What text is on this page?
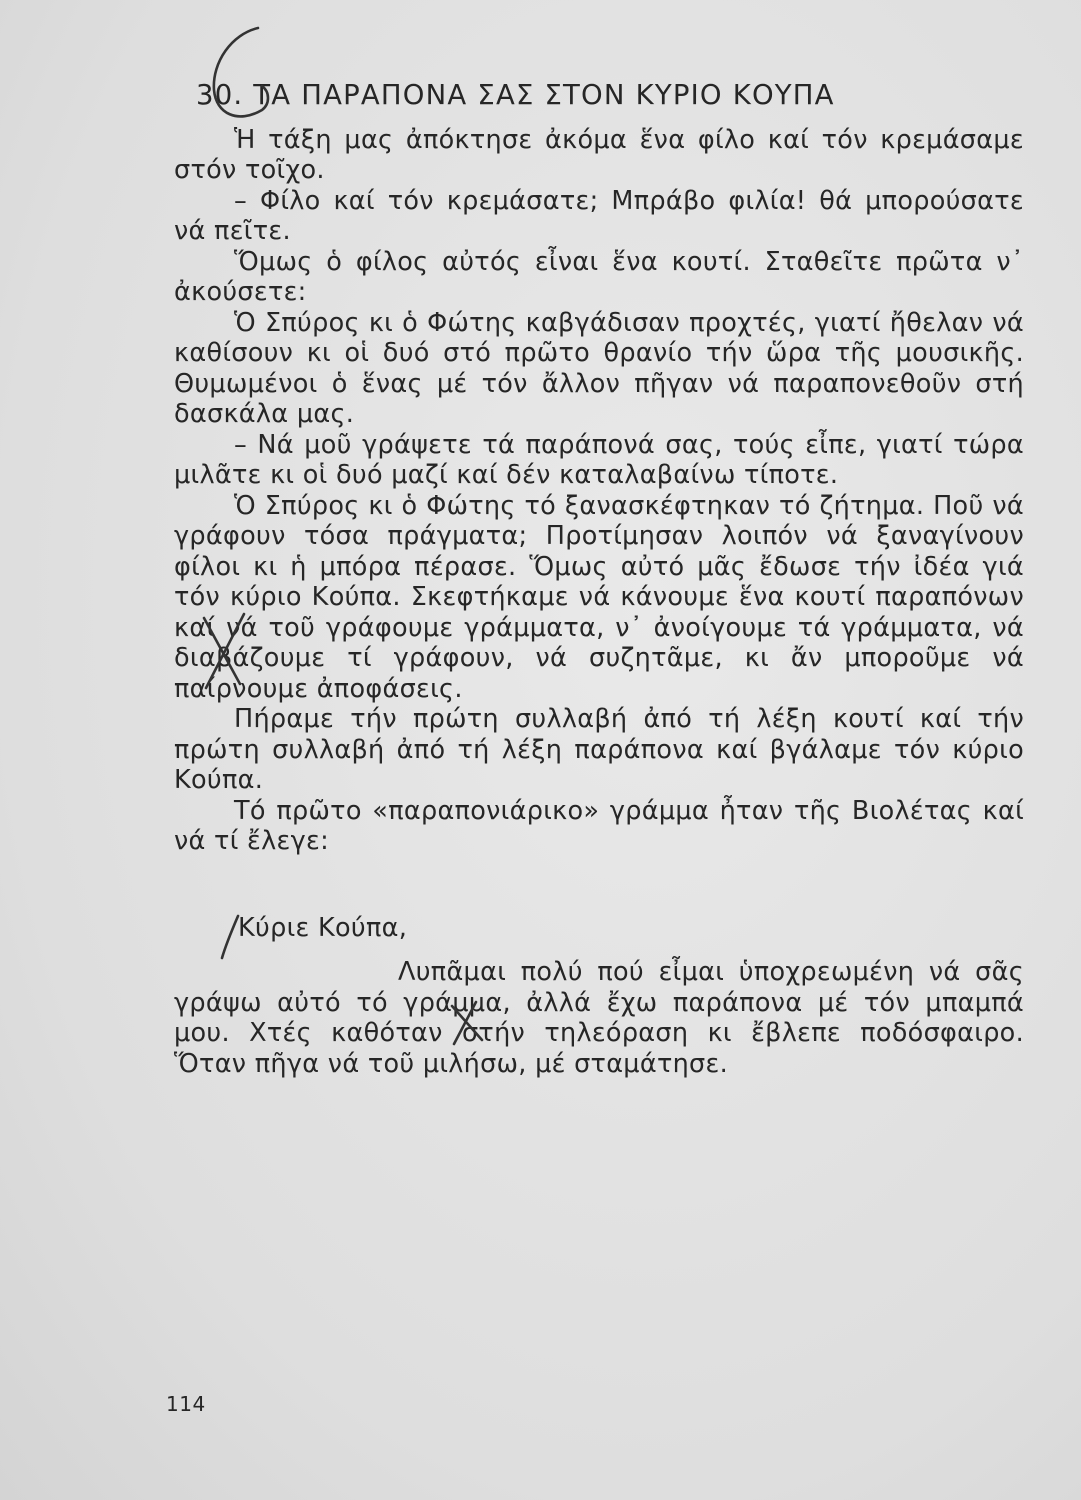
30. ΤΑ ΠΑΡΑΠΟΝΑ ΣΑΣ ΣΤΟΝ ΚΥΡΙΟ ΚΟΥΠΑ

Ἡ τάξη μας ἀπόκτησε ἀκόμα ἕνα φίλο καί τόν κρεμάσαμε στόν τοῖχο.

– Φίλο καί τόν κρεμάσατε; Μπράβο φιλία! θά μπορούσατε νά πεῖτε.

Ὅμως ὁ φίλος αὐτός εἶναι ἕνα κουτί. Σταθεῖτε πρῶτα ν᾽ ἀκούσετε:

Ὁ Σπύρος κι ὁ Φώτης καβγάδισαν προχτές, γιατί ἤθελαν νά καθίσουν κι οἱ δυό στό πρῶτο θρανίο τήν ὥρα τῆς μουσικῆς. Θυμωμένοι ὁ ἕνας μέ τόν ἄλλον πῆγαν νά παραπονεθοῦν στή δασκάλα μας.

– Νά μοῦ γράψετε τά παράπονά σας, τούς εἶπε, γιατί τώρα μιλᾶτε κι οἱ δυό μαζί καί δέν καταλαβαίνω τίποτε.

Ὁ Σπύρος κι ὁ Φώτης τό ξανασκέφτηκαν τό ζήτημα. Ποῦ νά γράφουν τόσα πράγματα; Προτίμησαν λοιπόν νά ξαναγίνουν φίλοι κι ἡ μπόρα πέρασε. Ὅμως αὐτό μᾶς ἔδωσε τήν ἰδέα γιά τόν κύριο Κούπα. Σκεφτήκαμε νά κάνουμε ἕνα κουτί παραπόνων καί νά τοῦ γράφουμε γράμματα, ν᾽ ἀνοίγουμε τά γράμματα, νά διαβάζουμε τί γράφουν, νά συζητᾶμε, κι ἄν μποροῦμε νά παίρνουμε ἀποφάσεις.

Πήραμε τήν πρώτη συλλαβή ἀπό τή λέξη κουτί καί τήν πρώτη συλλαβή ἀπό τή λέξη παράπονα καί βγάλαμε τόν κύριο Κούπα.

Τό πρῶτο «παραπονιάρικο» γράμμα ἦταν τῆς Βιολέτας καί νά τί ἔλεγε:

Κύριε Κούπα,

Λυπᾶμαι πολύ πού εἶμαι ὑποχρεωμένη νά σᾶς γράψω αὐτό τό γράμμα, ἀλλά ἔχω παράπονα μέ τόν μπαμπά μου. Χτές καθόταν στήν τηλεόραση κι ἔβλεπε ποδόσφαιρο. Ὅταν πῆγα νά τοῦ μιλήσω, μέ σταμάτησε.

114
